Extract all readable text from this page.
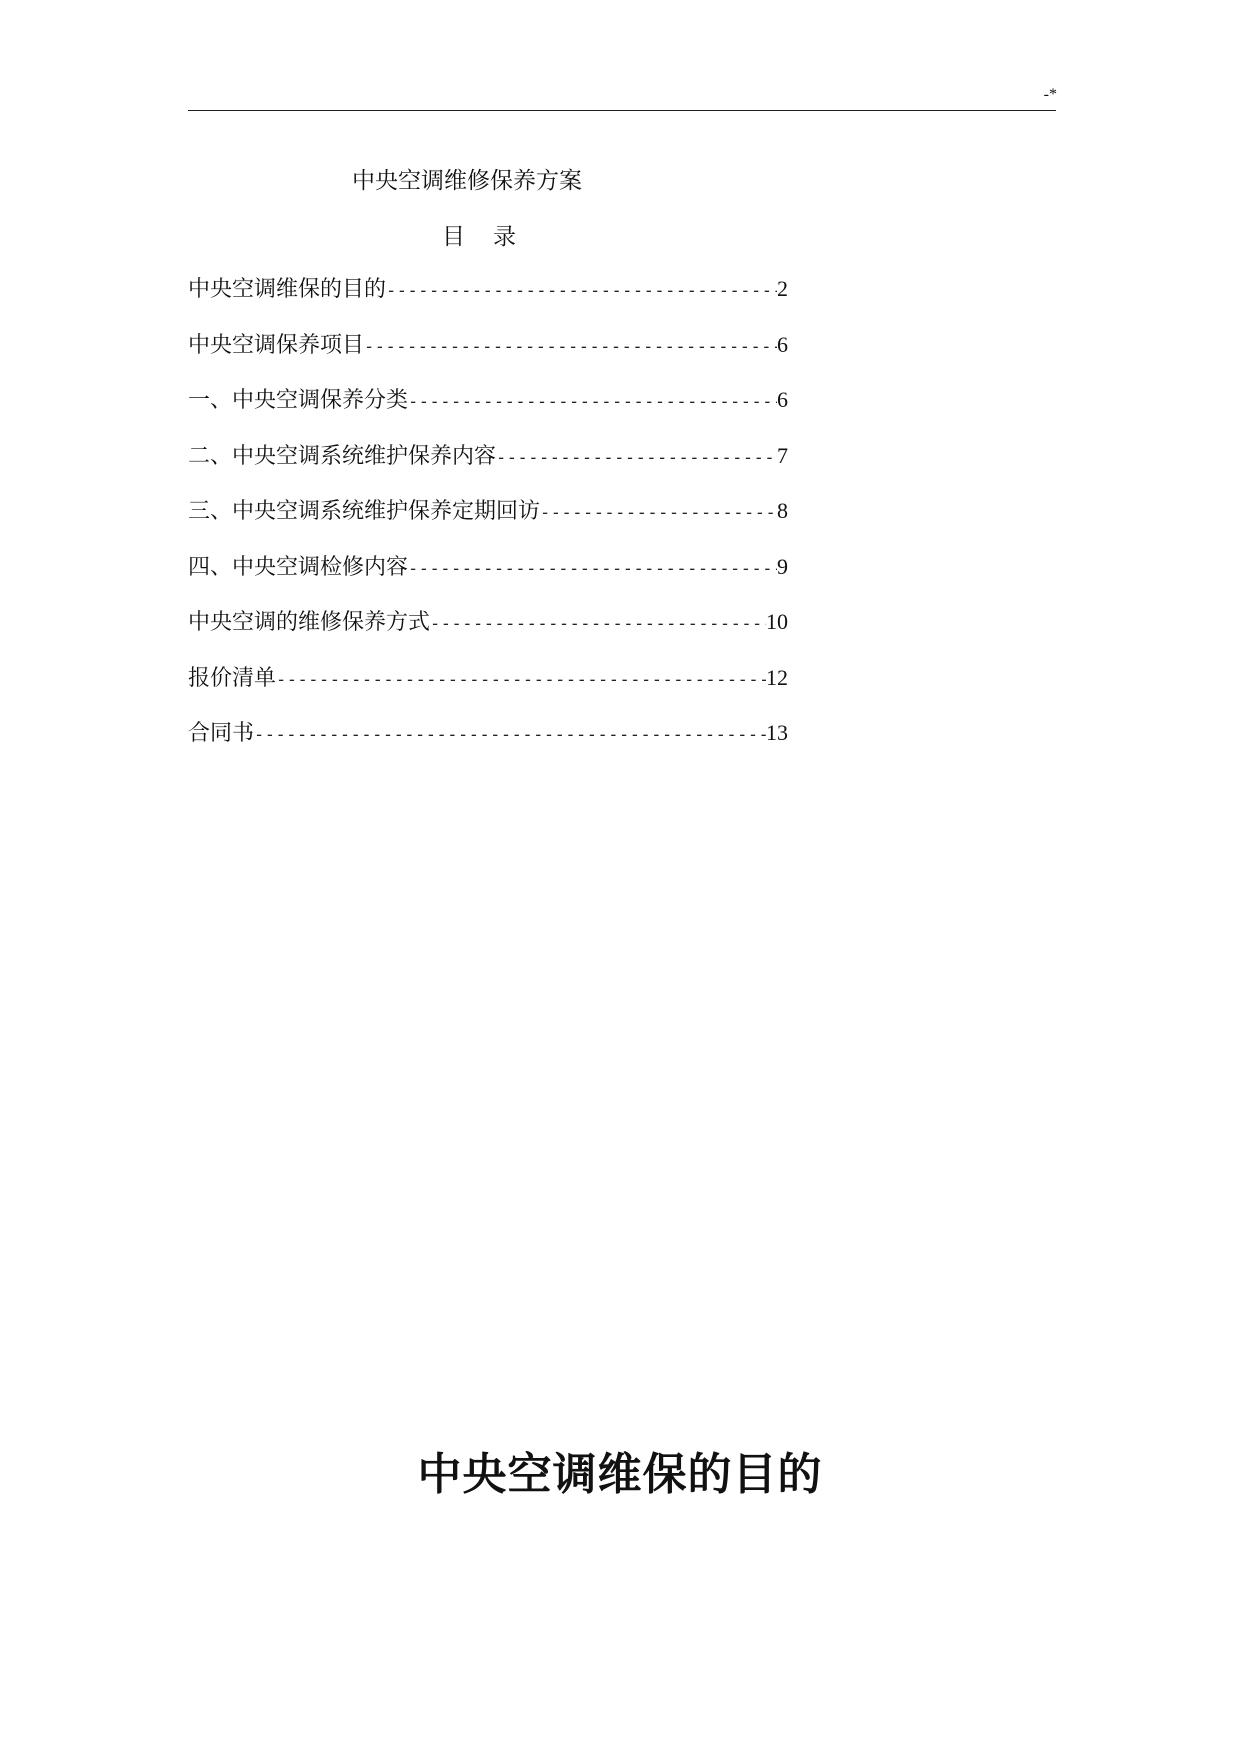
-*
中央空调维修保养方案
目录
中央空调维保的目的 -----	2
中央空调保养项目 -----	6
一、中央空调保养分类 -----	6
二、中央空调系统维护保养内容 -----	7
三、中央空调系统维护保养定期回访 -----	8
四、中央空调检修内容 -----	9
中央空调的维修保养方式 -----	10
报价清单 -----	12
合同书 -----	13
中央空调维保的目的
